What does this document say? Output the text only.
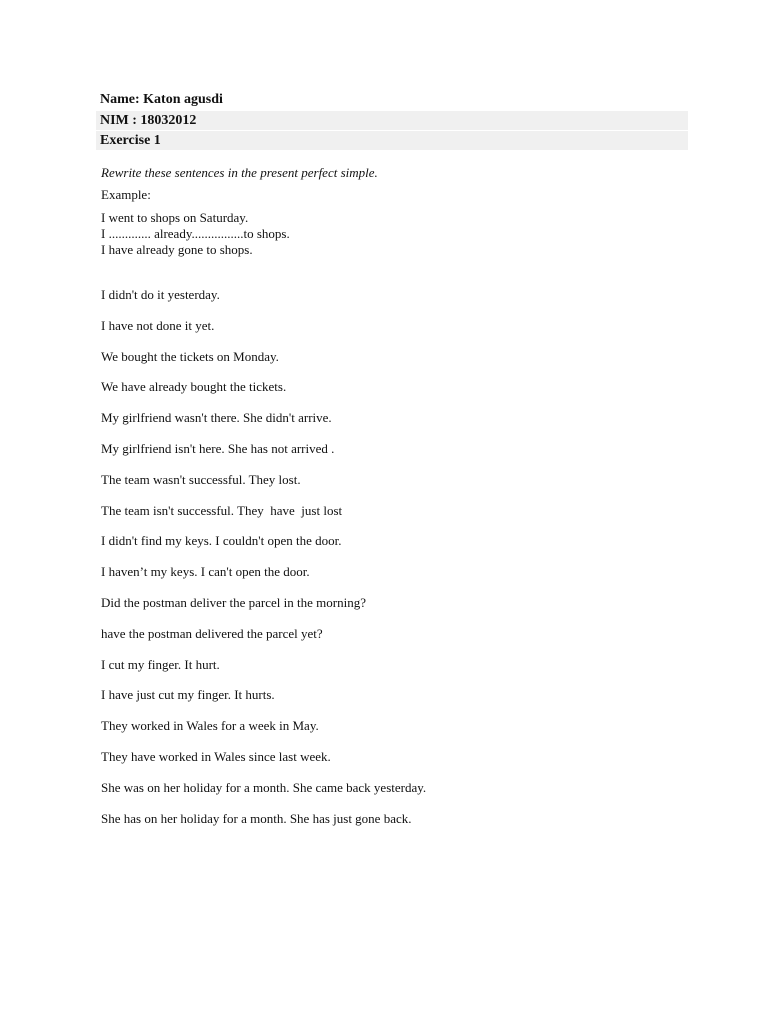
Name: Katon agusdi
NIM : 18032012
Exercise 1
Rewrite these sentences in the present perfect simple.
Example:
I went to shops on Saturday.
I ............. already................to shops.
I have already gone to shops.
I didn't do it yesterday.
I have not done it yet.
We bought the tickets on Monday.
We have already bought the tickets.
My girlfriend wasn't there. She didn't arrive.
My girlfriend isn't here. She has not arrived .
The team wasn't successful. They lost.
The team isn't successful. They  have  just lost
I didn't find my keys. I couldn't open the door.
I haven’t my keys. I can't open the door.
Did the postman deliver the parcel in the morning?
have the postman delivered the parcel yet?
I cut my finger. It hurt.
I have just cut my finger. It hurts.
They worked in Wales for a week in May.
They have worked in Wales since last week.
She was on her holiday for a month. She came back yesterday.
She has on her holiday for a month. She has just gone back.
